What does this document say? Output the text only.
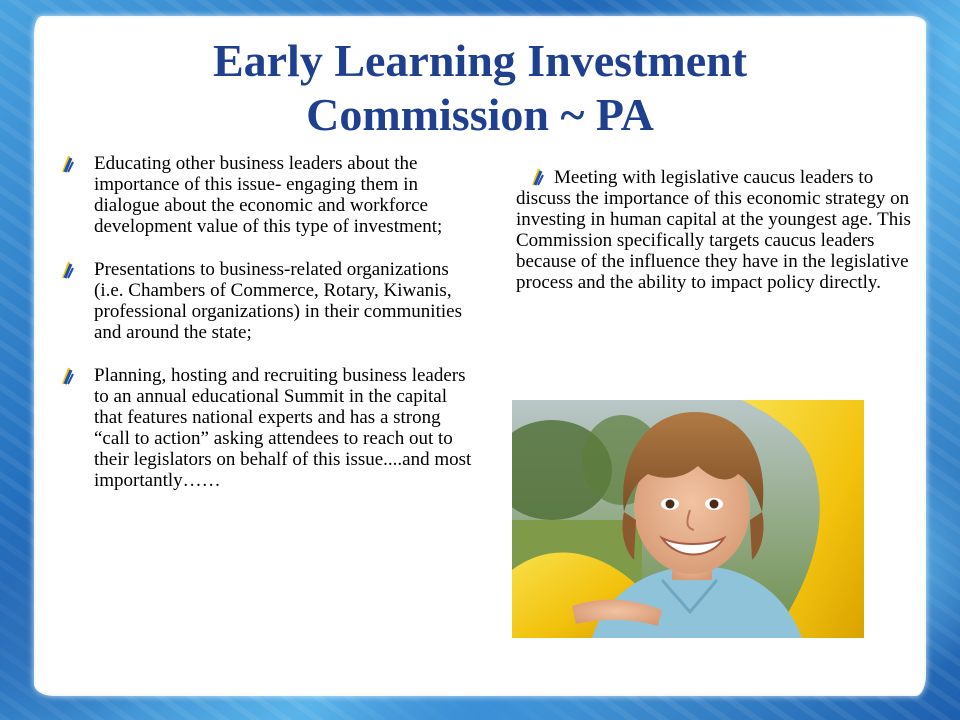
Early Learning Investment
Commission ~ PA
Educating other business leaders about the importance of this issue- engaging them in dialogue about the economic and workforce development value of this type of investment;
Presentations to business-related organizations (i.e. Chambers of Commerce, Rotary, Kiwanis, professional organizations) in their communities and around the state;
Planning, hosting and recruiting business leaders to an annual educational Summit in the capital that features national experts and has a strong “call to action” asking attendees to reach out to their legislators on behalf of this issue....and most importantly……
Meeting with legislative caucus leaders to discuss the importance of this economic strategy on investing in human capital at the youngest age. This Commission specifically targets caucus leaders because of the influence they have in the legislative process and the ability to impact policy directly.
